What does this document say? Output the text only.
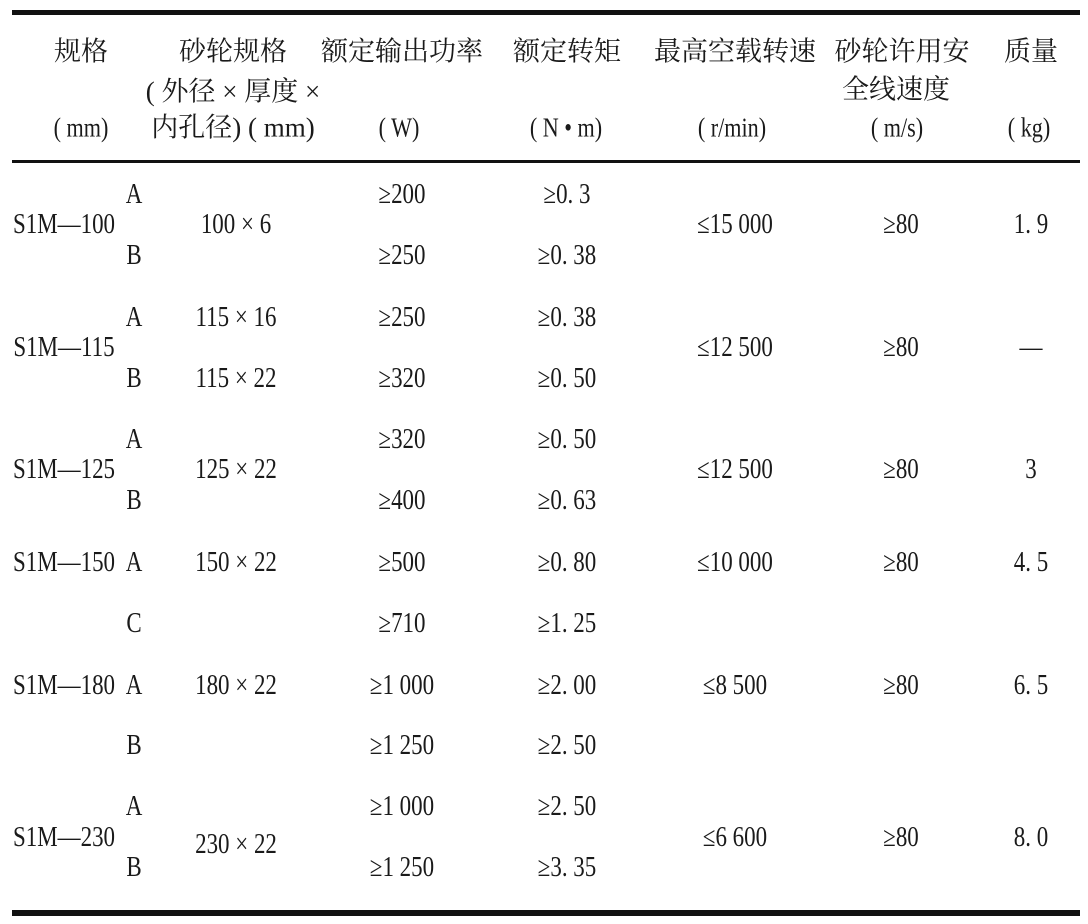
规格
( mm)
砂轮规格
( 外径 × 厚度 ×
内孔径) ( mm)
额定输出功率
( W)
额定转矩
( N • m)
最高空载转速
( r/min)
砂轮许用安
全线速度
( m/s)
质量
( kg)
S1M—100
S1M—115
S1M—125
S1M—150
S1M—180
S1M—230
A
B
A
B
A
B
A
C
A
B
A
B
100 × 6
115 × 16
115 × 22
125 × 22
150 × 22
180 × 22
230 × 22
≥200
≥250
≥250
≥320
≥320
≥400
≥500
≥710
≥1 000
≥1 250
≥1 000
≥1 250
≥0. 3
≥0. 38
≥0. 38
≥0. 50
≥0. 50
≥0. 63
≥0. 80
≥1. 25
≥2. 00
≥2. 50
≥2. 50
≥3. 35
≤15 000
≤12 500
≤12 500
≤10 000
≤8 500
≤6 600
≥80
≥80
≥80
≥80
≥80
≥80
1. 9
—
3
4. 5
6. 5
8. 0
